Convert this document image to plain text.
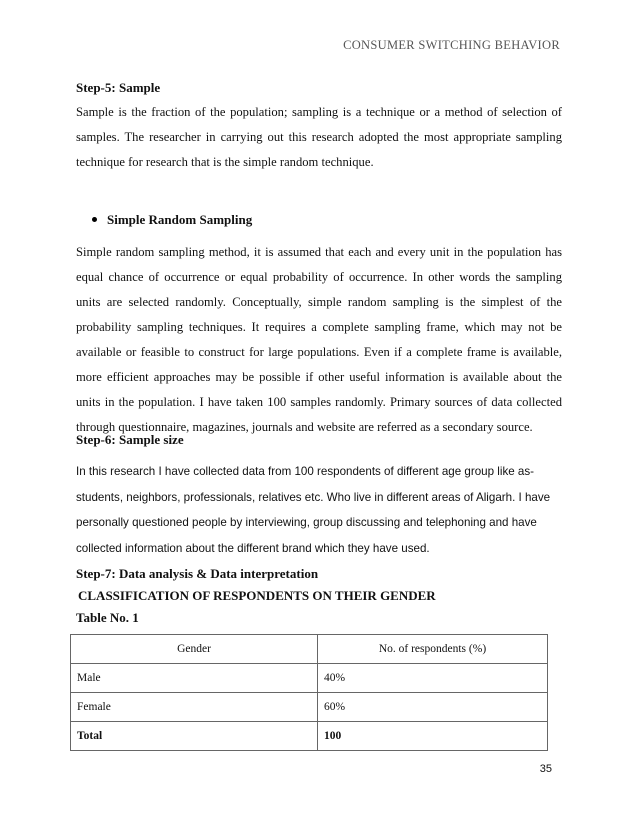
CONSUMER SWITCHING BEHAVIOR
Step-5: Sample

Sample is the fraction of the population; sampling is a technique or a method of selection of samples. The researcher in carrying out this research adopted the most appropriate sampling technique for research that is the simple random technique.

Simple Random Sampling

Simple random sampling method, it is assumed that each and every unit in the population has equal chance of occurrence or equal probability of occurrence. In other words the sampling units are selected randomly. Conceptually, simple random sampling is the simplest of the probability sampling techniques. It requires a complete sampling frame, which may not be available or feasible to construct for large populations. Even if a complete frame is available, more efficient approaches may be possible if other useful information is available about the units in the population. I have taken 100 samples randomly. Primary sources of data collected through questionnaire, magazines, journals and website are referred as a secondary source.

Step-6: Sample size

In this research I have collected data from 100 respondents of different age group like as- students, neighbors, professionals, relatives etc. Who live in different areas of Aligarh. I have personally questioned people by interviewing, group discussing and telephoning and have collected information about the different brand which they have used.

Step-7: Data analysis & Data interpretation
CLASSIFICATION OF RESPONDENTS ON THEIR GENDER
Table No. 1
Gender	No. of respondents (%)
Male	40%
Female	60%
Total	100
35
